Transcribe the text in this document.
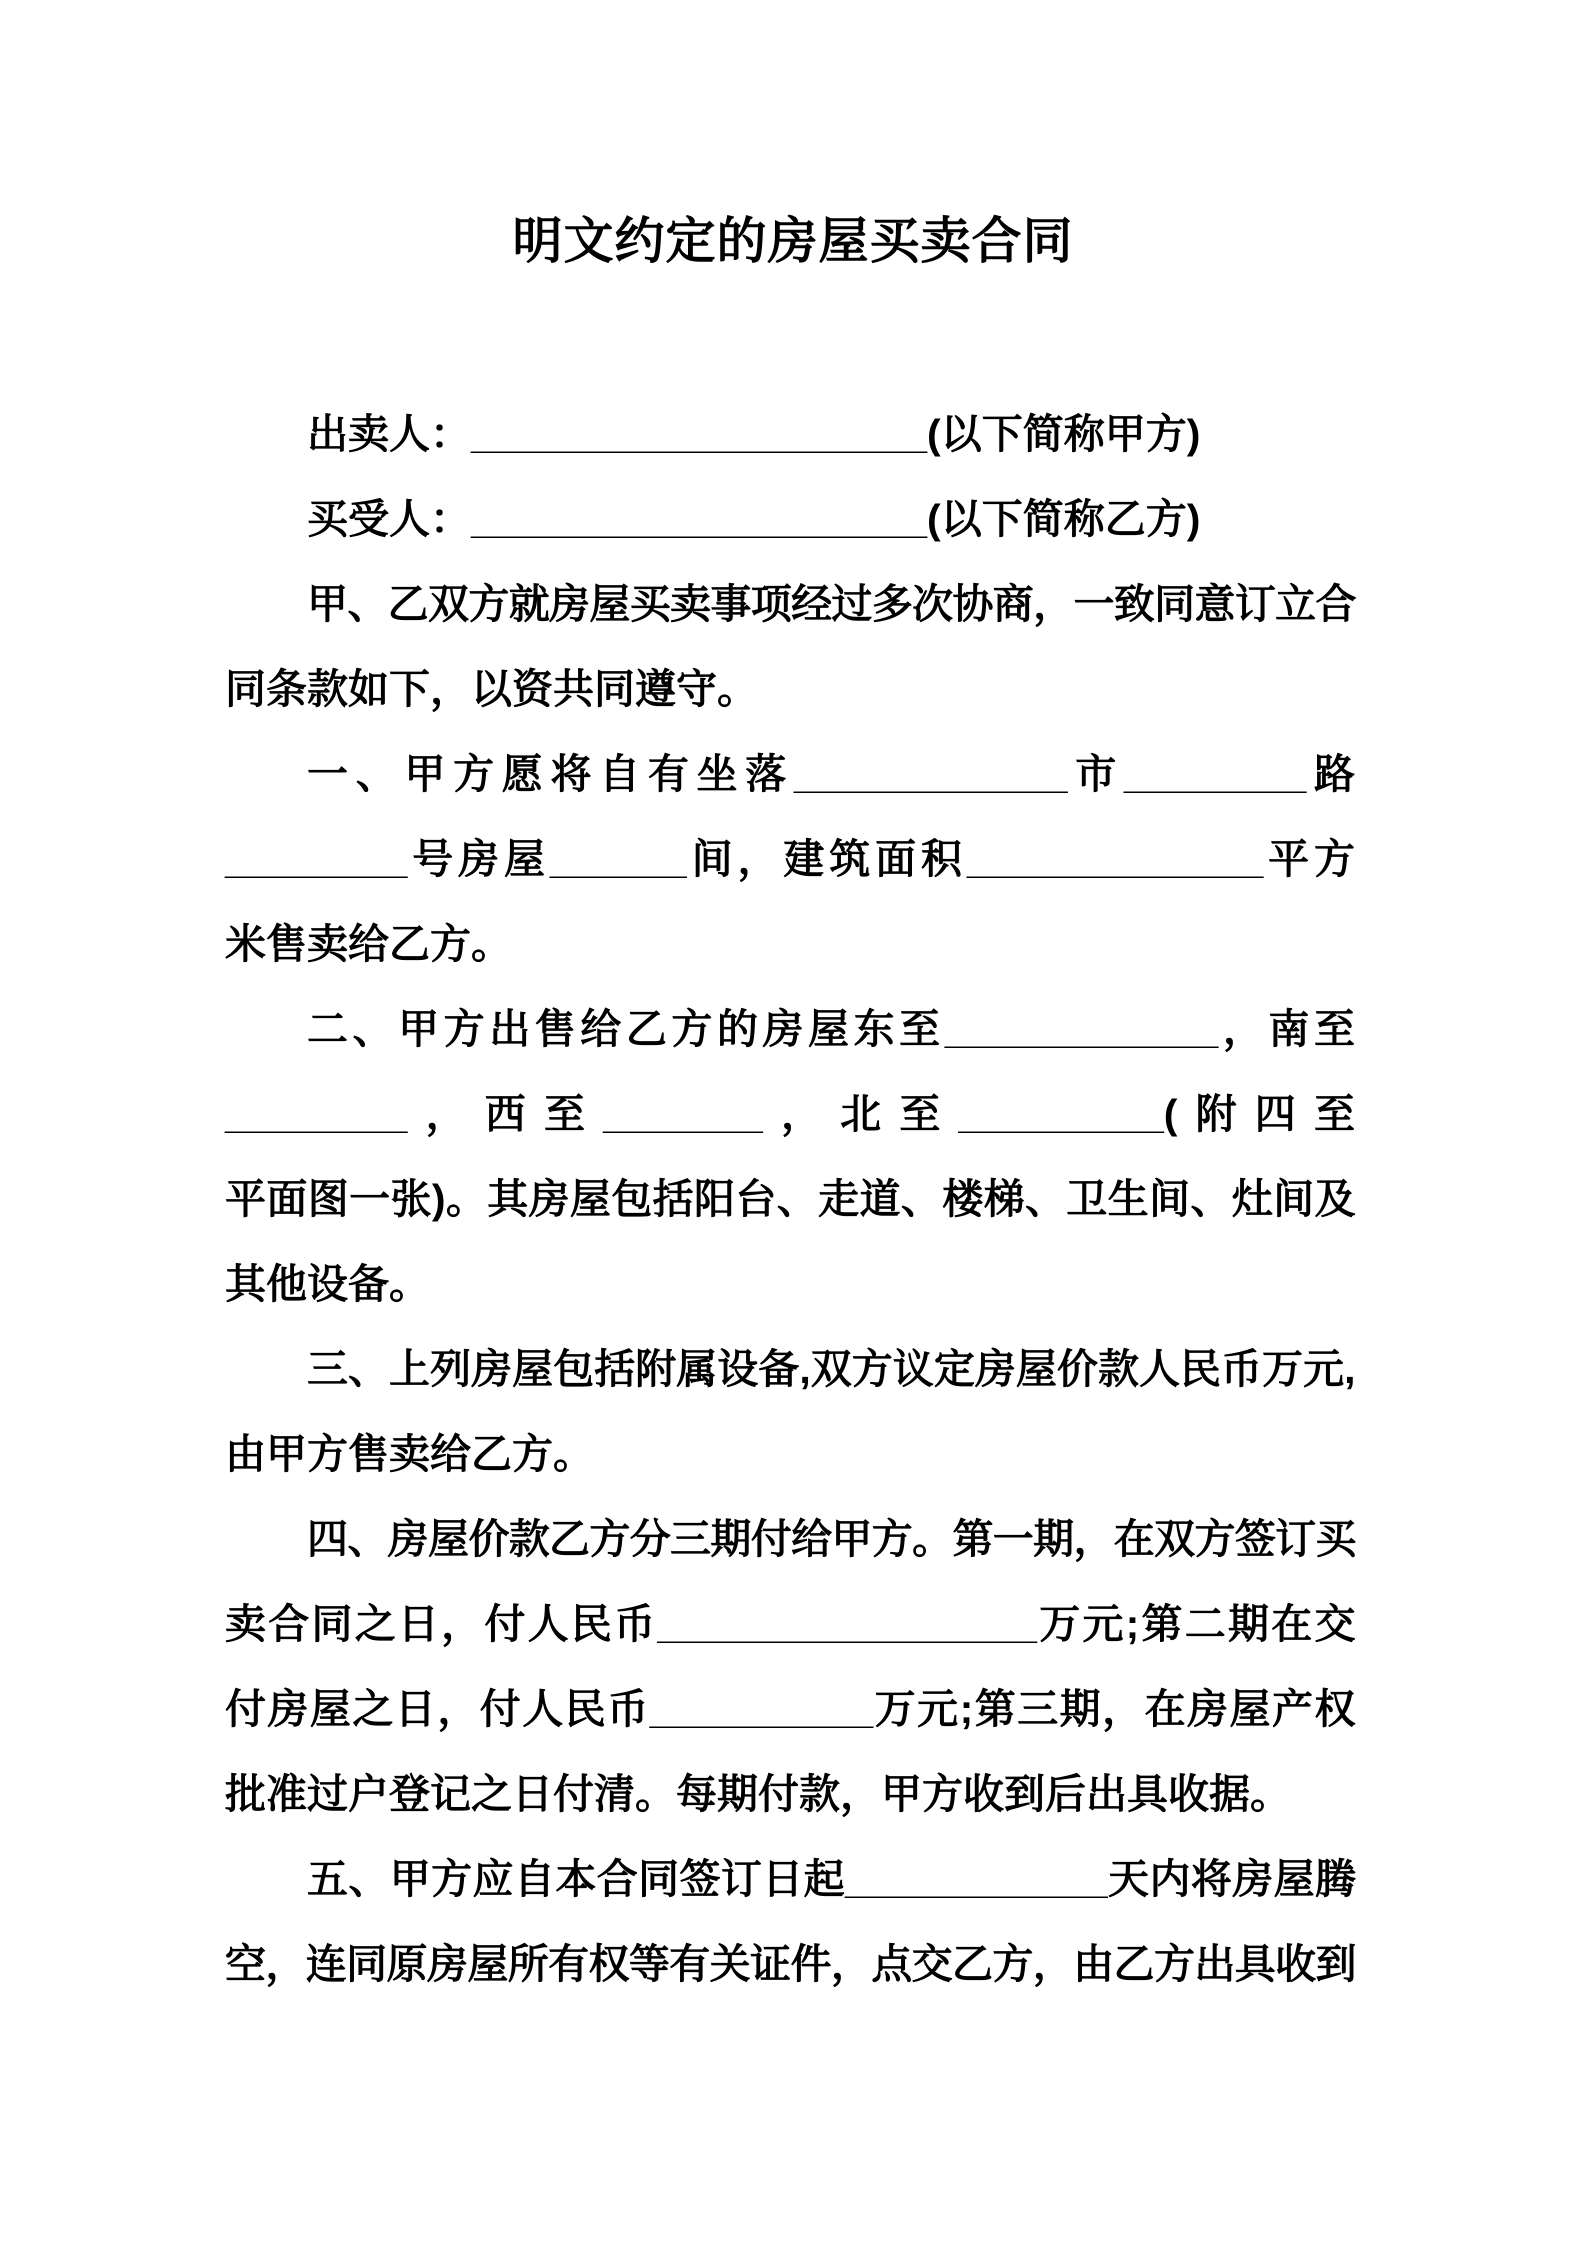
明文约定的房屋买卖合同
出卖人：____________________(以下简称甲方)
买受人：____________________(以下简称乙方)
甲、乙双方就房屋买卖事项经过多次协商，一致同意订立合
同条款如下，以资共同遵守。
一、甲方愿将自有坐落____________市________路
________号房屋______间，建筑面积_____________平方
米售卖给乙方。
二、甲方出售给乙方的房屋东至____________，南至
________，西至_______，北至_________(附四至
平面图一张)。其房屋包括阳台、走道、楼梯、卫生间、灶间及
其他设备。
三、上列房屋包括附属设备,双方议定房屋价款人民币万元,
由甲方售卖给乙方。
四、房屋价款乙方分三期付给甲方。第一期，在双方签订买
卖合同之日，付人民币_________________万元;第二期在交
付房屋之日，付人民币__________万元;第三期，在房屋产权
批准过户登记之日付清。每期付款，甲方收到后出具收据。
五、甲方应自本合同签订日起____________天内将房屋腾
空，连同原房屋所有权等有关证件，点交乙方，由乙方出具收到
